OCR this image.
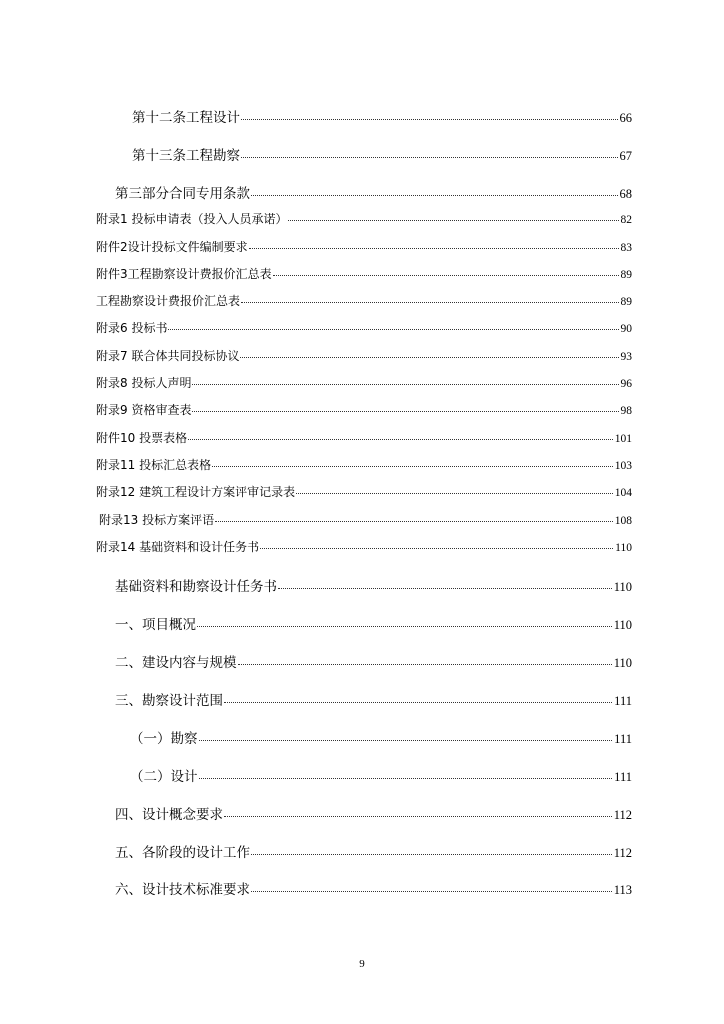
第十二条工程设计	66
第十三条工程勘察	67
第三部分合同专用条款	68
附录1 投标申请表（投入人员承诺）	82
附件2设计投标文件编制要求	83
附件3工程勘察设计费报价汇总表	89
工程勘察设计费报价汇总表	89
附录6 投标书	90
附录7 联合体共同投标协议	93
附录8 投标人声明	96
附录9 资格审查表	98
附件10 投票表格	101
附录11 投标汇总表格	103
附录12 建筑工程设计方案评审记录表	104
附录13 投标方案评语	108
附录14 基础资料和设计任务书	110
基础资料和勘察设计任务书	110
一、项目概况	110
二、建设内容与规模	110
三、勘察设计范围	111
（一）勘察	111
（二）设计	111
四、设计概念要求	112
五、各阶段的设计工作	112
六、设计技术标准要求	113
9
